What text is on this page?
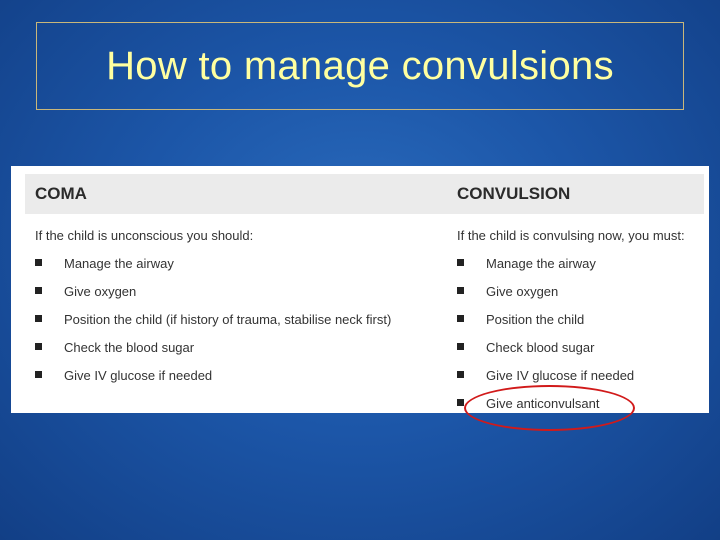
How to manage convulsions
COMA
If the child is unconscious you should:
Manage the airway
Give oxygen
Position the child (if history of trauma, stabilise neck first)
Check the blood sugar
Give IV glucose if needed
CONVULSION
If the child is convulsing now, you must:
Manage the airway
Give oxygen
Position the child
Check blood sugar
Give IV glucose if needed
Give anticonvulsant
